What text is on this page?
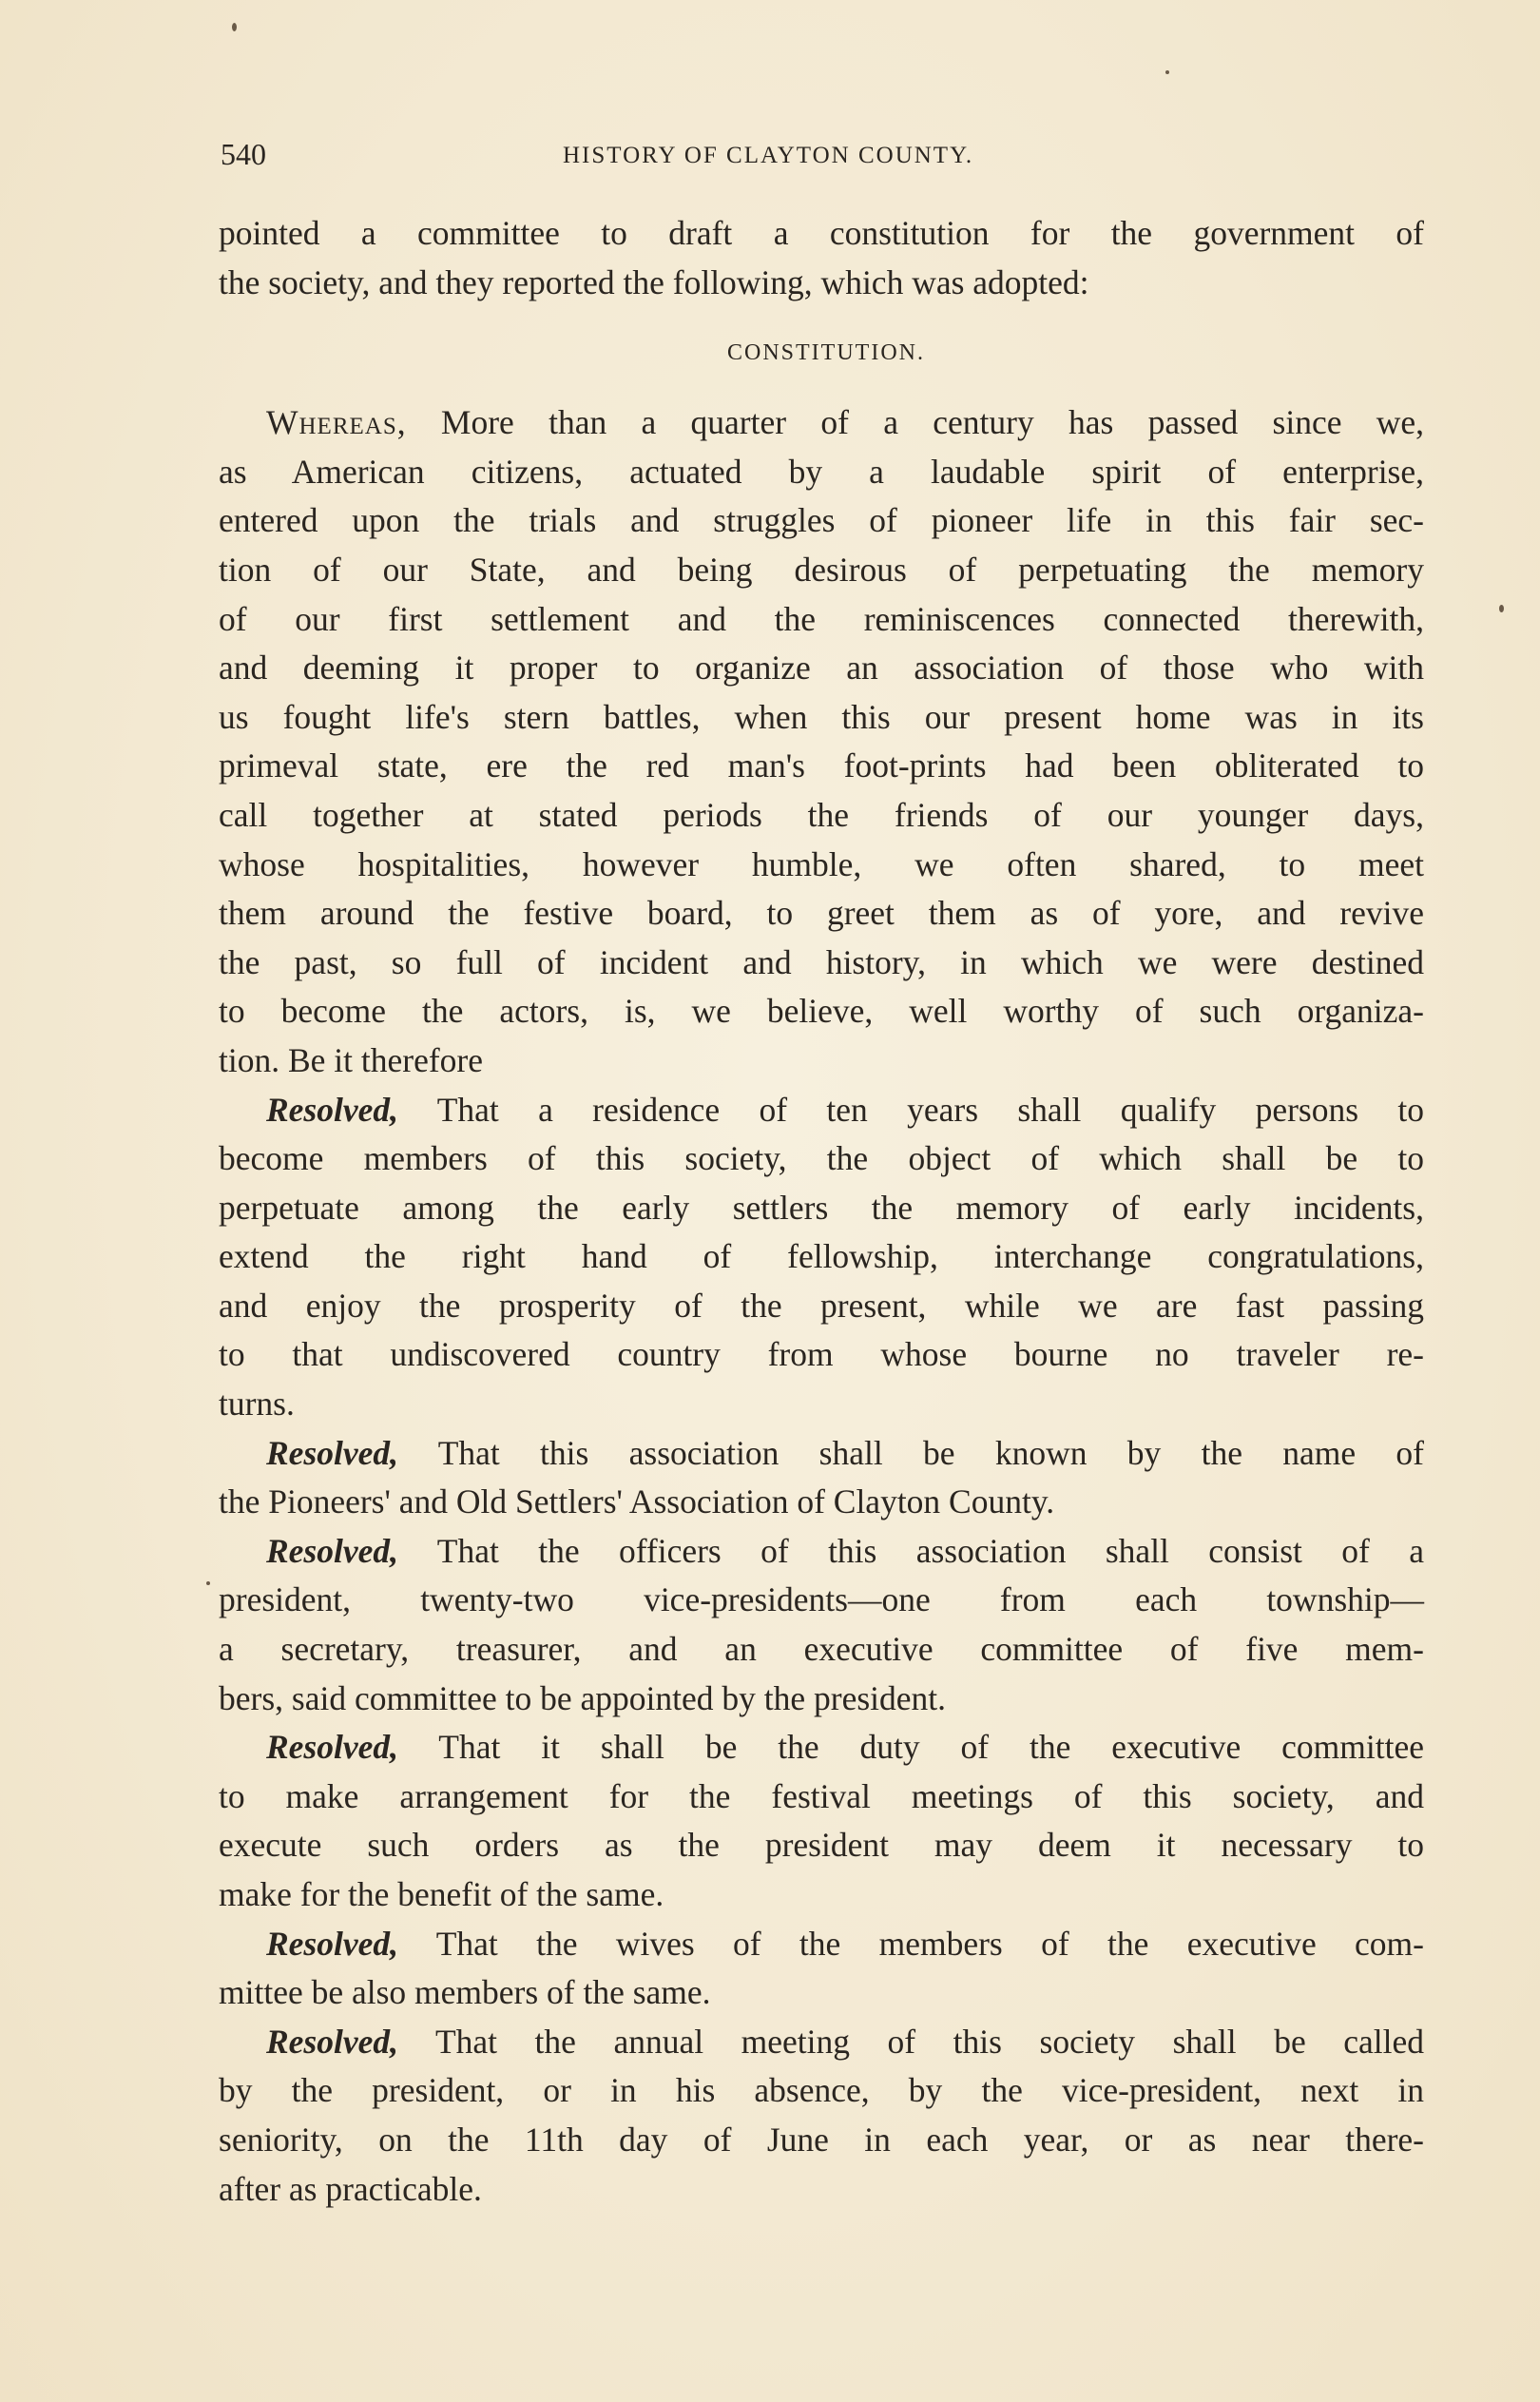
540	HISTORY OF CLAYTON COUNTY.
pointed a committee to draft a constitution for the government of
the society, and they reported the following, which was adopted:
CONSTITUTION.
Whereas, More than a quarter of a century has passed since we,
as American citizens, actuated by a laudable spirit of enterprise,
entered upon the trials and struggles of pioneer life in this fair sec-
tion of our State, and being desirous of perpetuating the memory
of our first settlement and the reminiscences connected therewith,
and deeming it proper to organize an association of those who with
us fought life's stern battles, when this our present home was in its
primeval state, ere the red man's foot-prints had been obliterated to
call together at stated periods the friends of our younger days,
whose hospitalities, however humble, we often shared, to meet
them around the festive board, to greet them as of yore, and revive
the past, so full of incident and history, in which we were destined
to become the actors, is, we believe, well worthy of such organiza-
tion. Be it therefore
Resolved, That a residence of ten years shall qualify persons to
become members of this society, the object of which shall be to
perpetuate among the early settlers the memory of early incidents,
extend the right hand of fellowship, interchange congratulations,
and enjoy the prosperity of the present, while we are fast passing
to that undiscovered country from whose bourne no traveler re-
turns.
Resolved, That this association shall be known by the name of
the Pioneers' and Old Settlers' Association of Clayton County.
Resolved, That the officers of this association shall consist of a
president, twenty-two vice-presidents—one from each township—
a secretary, treasurer, and an executive committee of five mem-
bers, said committee to be appointed by the president.
Resolved, That it shall be the duty of the executive committee
to make arrangement for the festival meetings of this society, and
execute such orders as the president may deem it necessary to
make for the benefit of the same.
Resolved, That the wives of the members of the executive com-
mittee be also members of the same.
Resolved, That the annual meeting of this society shall be called
by the president, or in his absence, by the vice-president, next in
seniority, on the 11th day of June in each year, or as near there-
after as practicable.
